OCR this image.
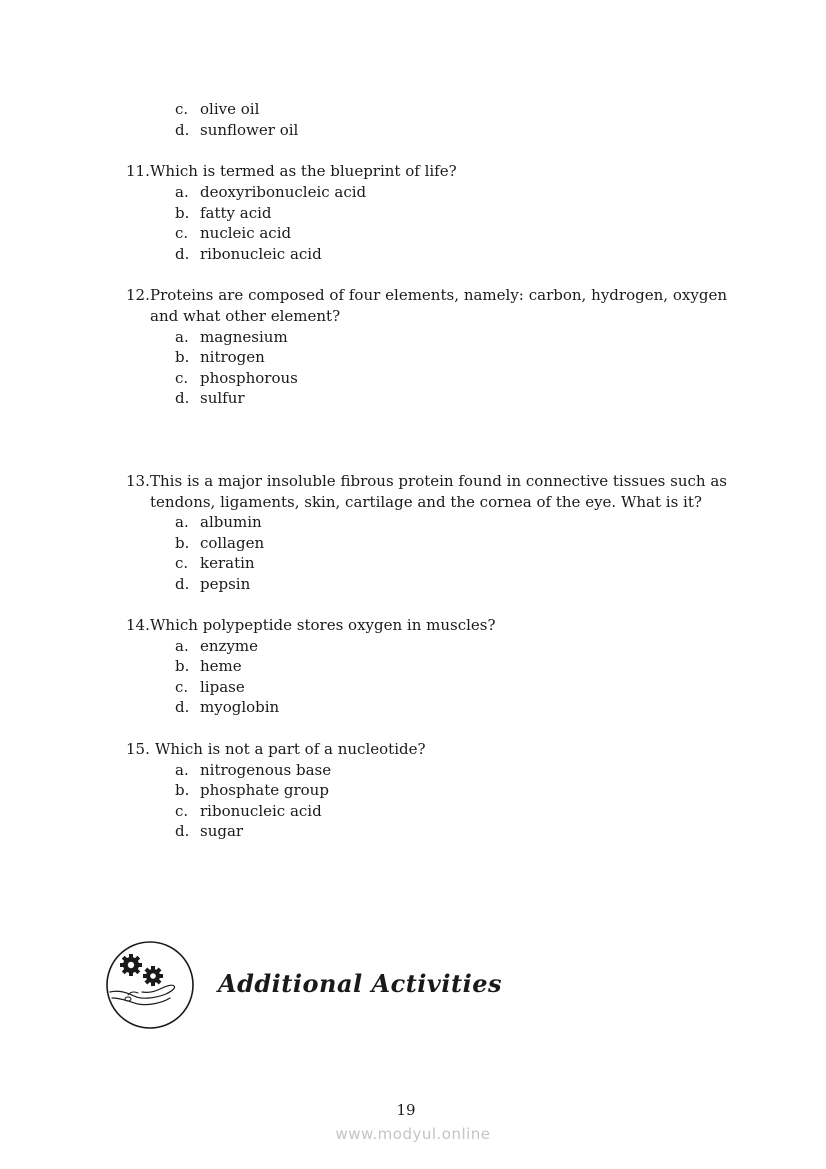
c. olive oil
d. sunflower oil
11. Which is termed as the blueprint of life?
a. deoxyribonucleic acid
b. fatty acid
c. nucleic acid
d. ribonucleic acid
12. Proteins are composed of four elements, namely: carbon, hydrogen, oxygen
and what other element?
a. magnesium
b. nitrogen
c. phosphorous
d. sulfur
13. This is a major insoluble fibrous protein found in connective tissues such as
tendons, ligaments, skin, cartilage and the cornea of the eye. What is it?
a. albumin
b. collagen
c. keratin
d. pepsin
14. Which polypeptide stores oxygen in muscles?
a. enzyme
b. heme
c. lipase
d. myoglobin
15. Which is not a part of a nucleotide?
a. nitrogenous base
b. phosphate group
c. ribonucleic acid
d. sugar
Additional Activities
19
www.modyul.online
